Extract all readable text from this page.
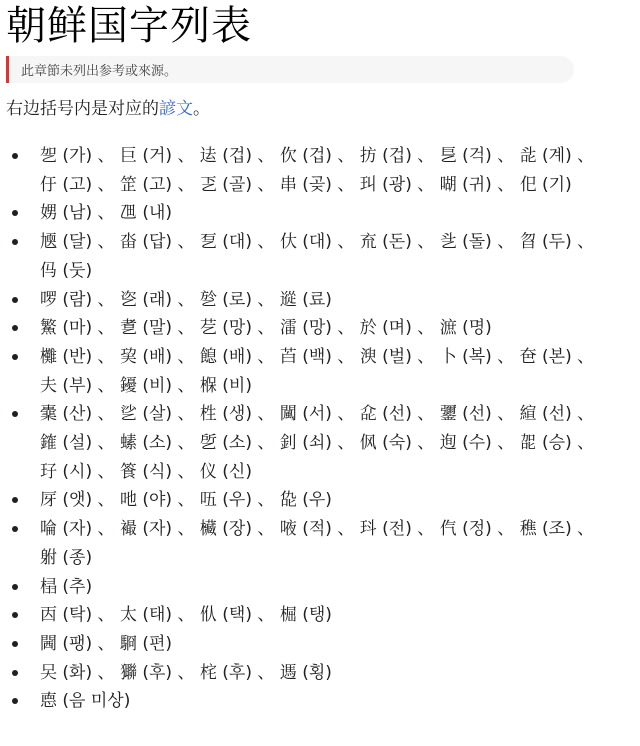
朝鲜国字列表
此章節未列出参考或來源。
右边括号内是对应的諺文。
乫 (가) 、 巨 (거) 、 迲 (겁) 、 㐸 (겁) 、 㧍 (겁) 、 乬 (걱) 、 㖍 (계) 、 㐵 (고) 、 䇥 (고) 、 乤 (골) 、 串 (곶) 、 㺩 (광) 、 㗅 (귀) 、 㐶 (기)
娚 (남) 、 乪 (내)
㐡 (달) 、 畓 (답) 、 乭 (대) 、 㐲 (대) 、 㐬 (돈) 、 乧 (돌) 、 㫚 (두) 、 㐷 (둣)
啰 (람) 、 乲 (래) 、 乻 (로) 、 䢨 (료)
鰵 (마) 、 乽 (말) 、 䒗 (망) 、 㵢 (망) 、 於 (며) 、 㵂 (명)
㰙 (반) 、 巭 (배) 、 䭒 (배) 、 苩 (백) 、 㳛 (벌) 、 卜 (복) 、 夿 (본) 、 夫 (부) 、 䥳 (비) 、 椺 (비)
㰆 (산) 、 乷 (살) 、 栍 (생) 、 闏 (서) 、 㖋 (선) 、 䥸 (선) 、 縇 (선) 、 䥃 (설) 、 螦 (소) 、 乺 (소) 、 釗 (쇠) 、 㐽 (숙) 、 迿 (수) 、 㖙 (승) 、 㺭 (시) 、 篒 (식) 、 仪 (신)
厊 (앳) 、 吔 (야) 、 㕶 (우) 、 㖌 (우)
㖮 (자) 、 襊 (자) 、 欌 (장) 、 㖡 (적) 、 㺶 (전) 、 㐹 (정) 、 穛 (조) 、 䠵 (종)
榋 (추)
㐁 (탁) 、 太 (태) 、 㐺 (택) 、 㭾 (탱)
閪 (팽) 、 䮐 (편)
㕦 (화) 、 㺦 (후) 、 㭦 (후) 、 遤 (횡)
㥁 (음 미상)
